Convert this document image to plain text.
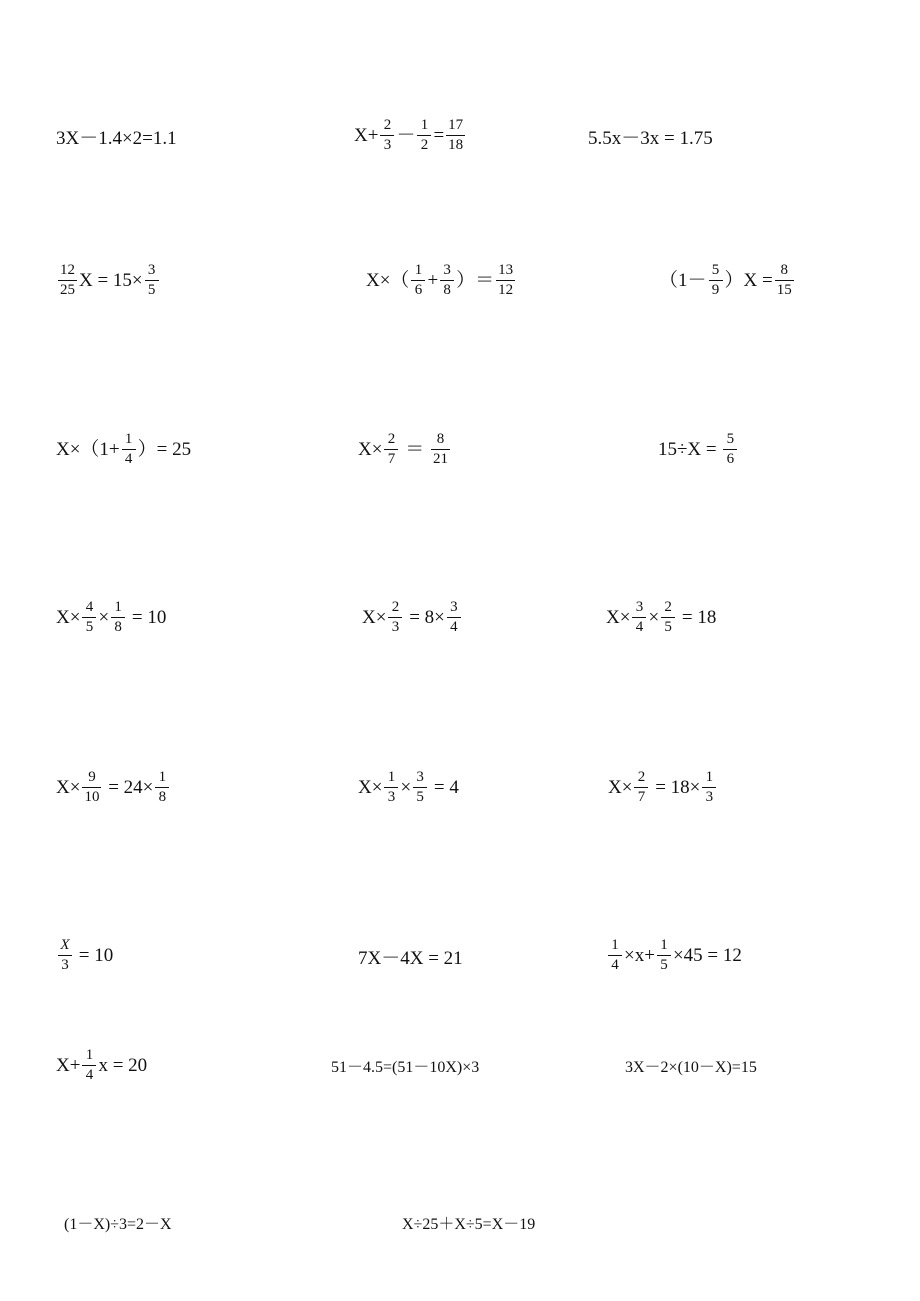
3X－1.4×2=1.1	$X+ \frac{2}{3} - \frac{1}{2} = \frac{17}{18}$	5.5x－3x = 1.75
$\frac{12}{25}$ $X = 15\times \frac{3}{5}$	$X\times( \frac{1}{6} + \frac{3}{8}$ ）＝ $\frac{13}{12}$	$(1- \frac{5}{9} )X = \frac{8}{15}$
$X\times(1+ \frac{1}{4}$ ）= 25	$X\times \frac{2}{7} = \frac{8}{21}$	$15\div X = \frac{5}{6}$
$X\times \frac{4}{5} \times \frac{1}{8} = 10$	$X\times \frac{2}{3} = 8\times \frac{3}{4}$	$X\times \frac{3}{4} \times \frac{2}{5} = 18$
$X\times \frac{9}{10} = 24\times \frac{1}{8}$	$X\times \frac{1}{3} \times \frac{3}{5} = 4$	$X\times \frac{2}{7} = 18\times \frac{1}{3}$
$\frac{X}{3} = 10$	7X－4X = 21	$\frac{1}{4} \times x+ \frac{1}{5} \times 45 = 12$
$X+ \frac{1}{4}$ x = 20	51－4.5=(51－10X)×3	3X－2×(10－X)=15
(1－X)÷3=2－X	X÷25＋X÷5=X－19
